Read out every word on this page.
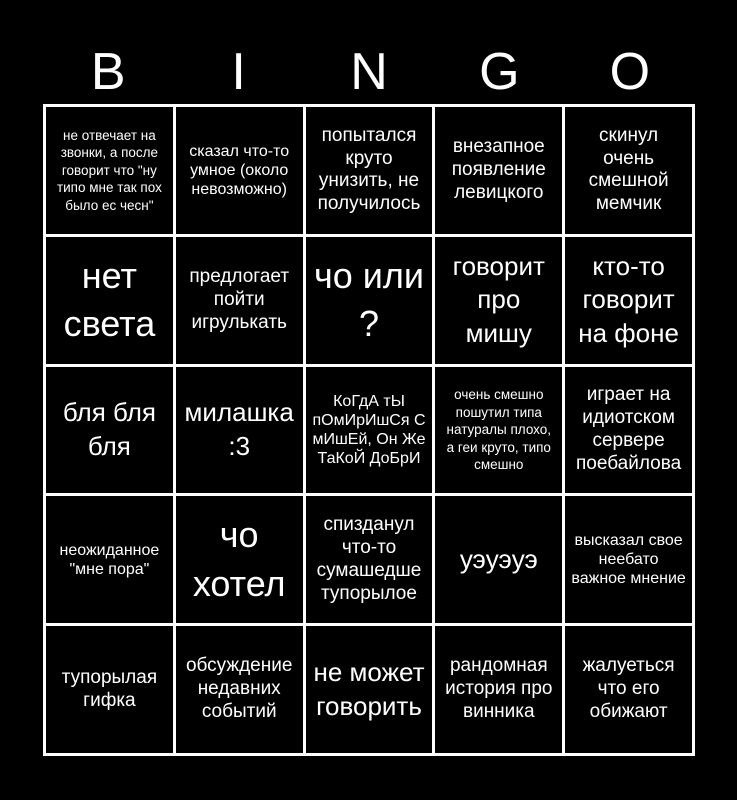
B	I	N	G	O
не отвечает на звонки, а после говорит что "ну типо мне так пох было ес чесн"
сказал что-то умное (около невозможно)
попытался круто унизить, не получилось
внезапное появление левицкого
скинул очень смешной мемчик
нет света
предлогает пойти игрулькать
чо или ?
говорит про мишу
кто-то говорит на фоне
бля бля бля
милашка :3
КоГдА тЫ пОмИрИшСя С мИшЕй, Он Же ТаКоЙ ДоБрИ
очень смешно пошутил типа натуралы плохо, а геи круто, типо смешно
играет на идиотском сервере поебайлова
неожиданное "мне пора"
чо хотел
спизданул что-то сумашедше тупорылое
уэуэуэ
высказал свое неебато важное мнение
тупорылая гифка
обсуждение недавних событий
не может говорить
рандомная история про винника
жалуеться что его обижают
